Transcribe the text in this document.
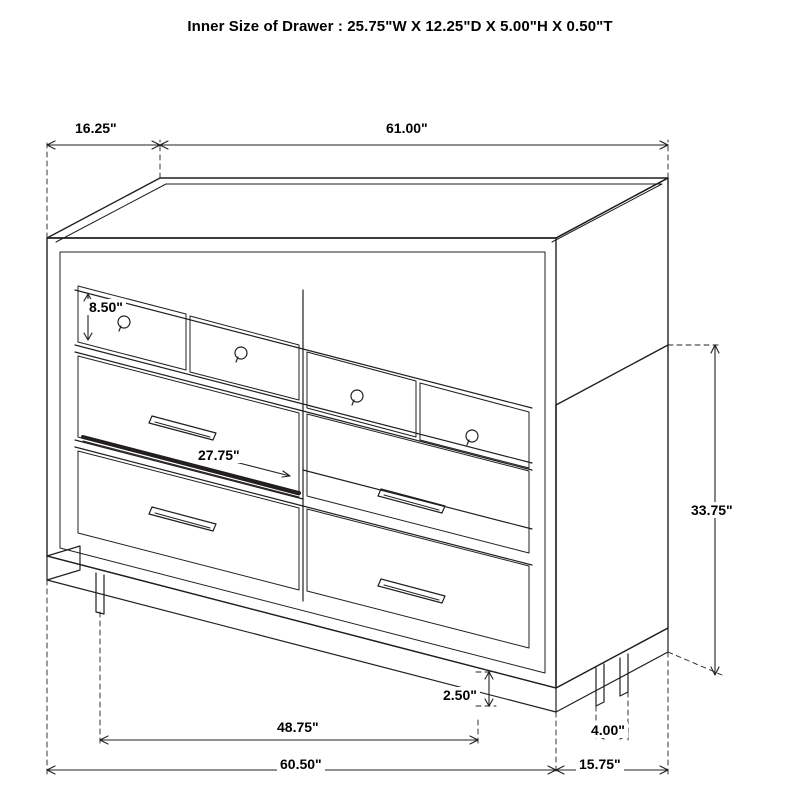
Inner Size of Drawer : 25.75"W X 12.25"D X 5.00"H X 0.50"T
16.25"	61.00"
8.50"
27.75"
33.75"
2.50"
48.75"
60.50"
4.00"
15.75"
